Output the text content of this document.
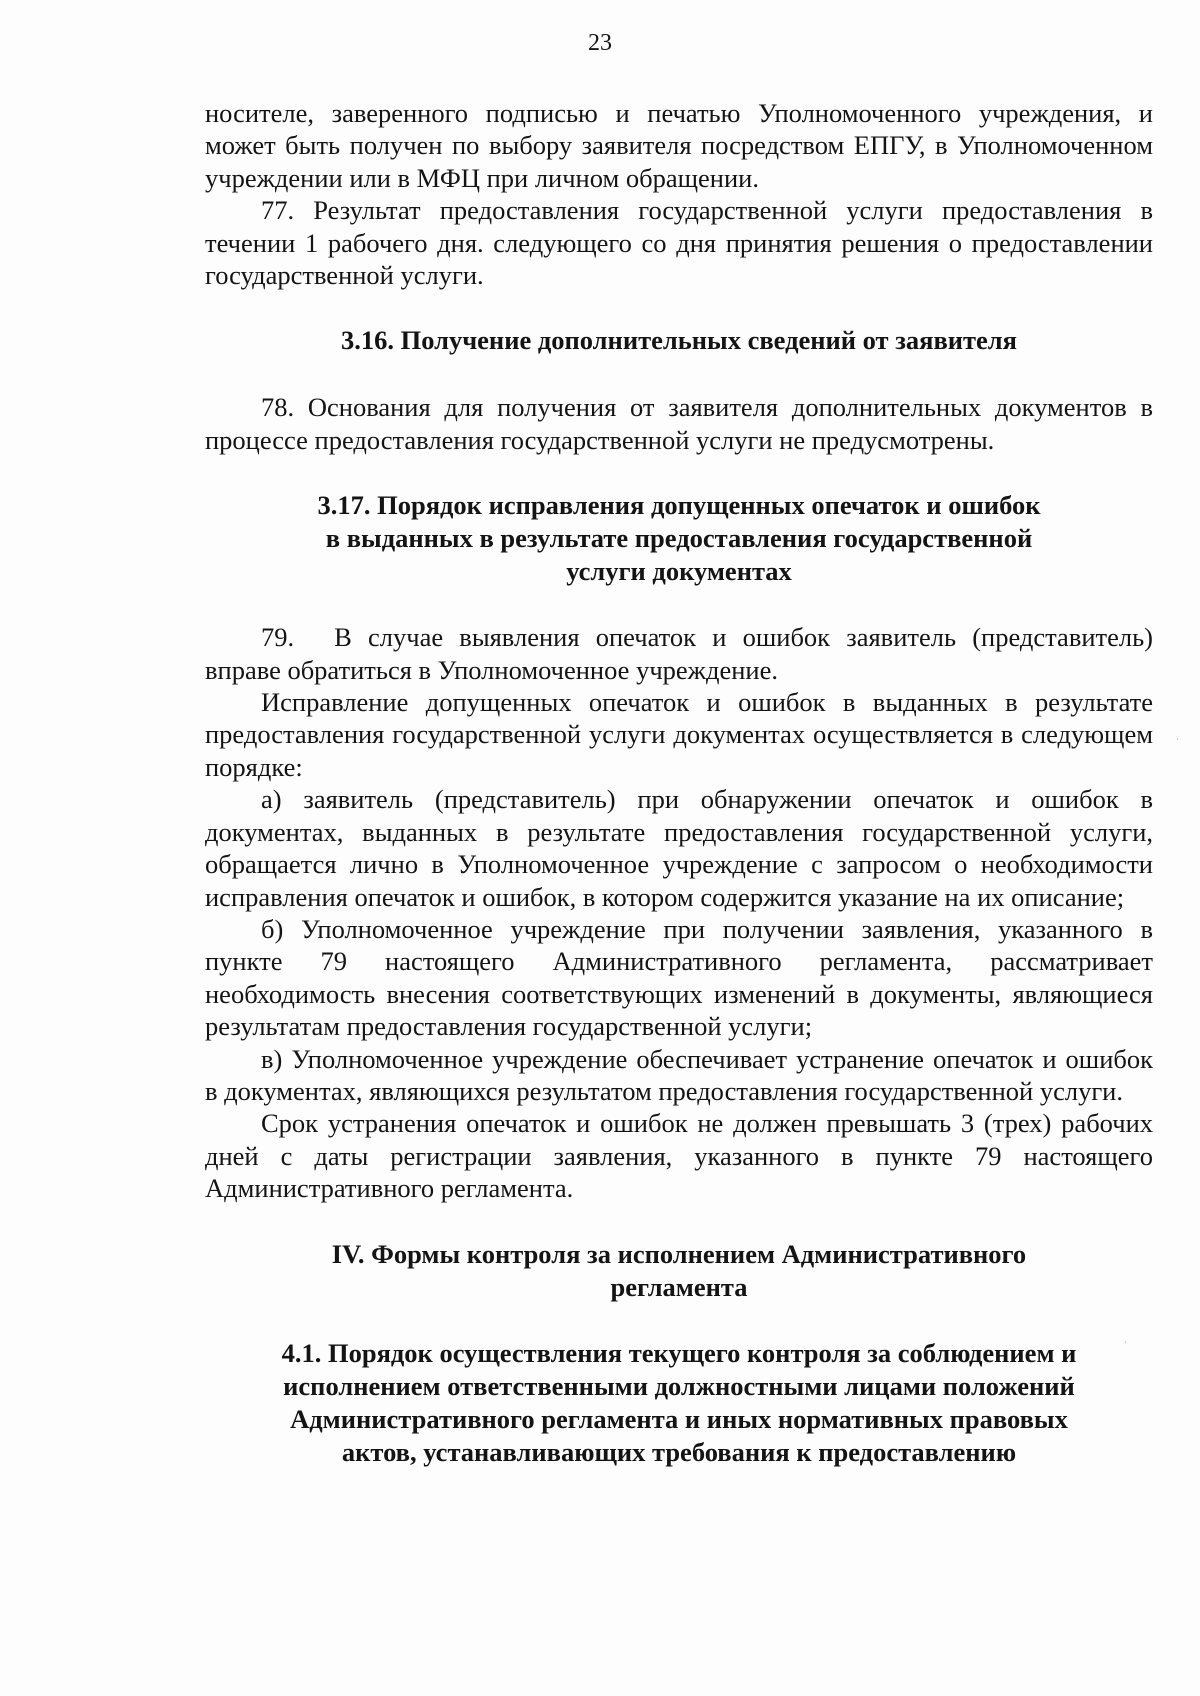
23

носителе, заверенного подписью и печатью Уполномоченного учреждения, и может быть получен по выбору заявителя посредством ЕПГУ, в Уполномоченном учреждении или в МФЦ при личном обращении.

77. Результат предоставления государственной услуги предоставления в течении 1 рабочего дня. следующего со дня принятия решения о предоставлении государственной услуги.

3.16. Получение дополнительных сведений от заявителя

78. Основания для получения от заявителя дополнительных документов в процессе предоставления государственной услуги не предусмотрены.

3.17. Порядок исправления допущенных опечаток и ошибок
в выданных в результате предоставления государственной
услуги документах

79. В случае выявления опечаток и ошибок заявитель (представитель) вправе обратиться в Уполномоченное учреждение.

Исправление допущенных опечаток и ошибок в выданных в результате предоставления государственной услуги документах осуществляется в следующем порядке:

а) заявитель (представитель) при обнаружении опечаток и ошибок в документах, выданных в результате предоставления государственной услуги, обращается лично в Уполномоченное учреждение с запросом о необходимости исправления опечаток и ошибок, в котором содержится указание на их описание;

б) Уполномоченное учреждение при получении заявления, указанного в пункте 79 настоящего Административного регламента, рассматривает необходимость внесения соответствующих изменений в документы, являющиеся результатам предоставления государственной услуги;

в) Уполномоченное учреждение обеспечивает устранение опечаток и ошибок в документах, являющихся результатом предоставления государственной услуги.

Срок устранения опечаток и ошибок не должен превышать 3 (трех) рабочих дней с даты регистрации заявления, указанного в пункте 79 настоящего Административного регламента.

IV. Формы контроля за исполнением Административного
регламента

4.1. Порядок осуществления текущего контроля за соблюдением и
исполнением ответственными должностными лицами положений
Административного регламента и иных нормативных правовых
актов, устанавливающих требования к предоставлению

·
·
